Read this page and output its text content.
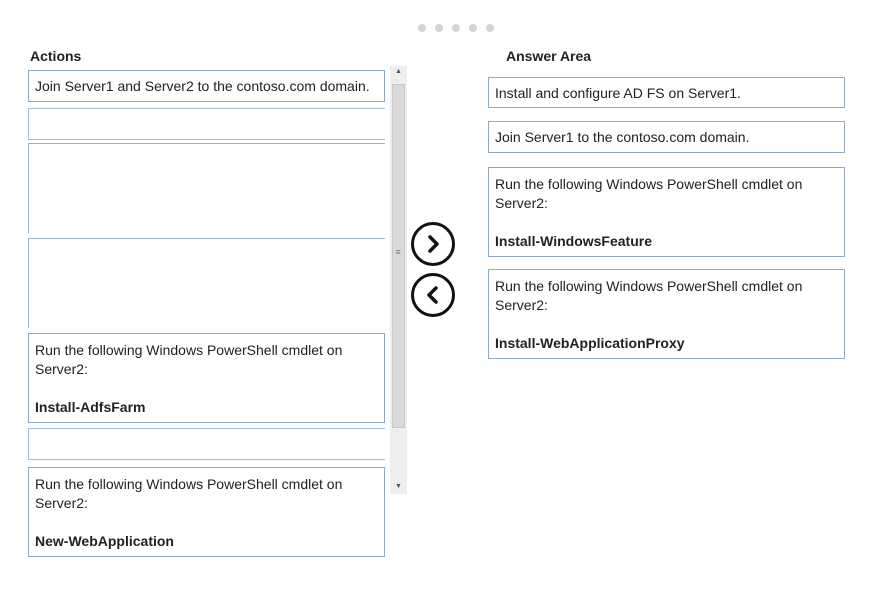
Actions	Answer Area
Join Server1 and Server2 to the contoso.com domain.
Run the following Windows PowerShell cmdlet on Server2:
Install-AdfsFarm
Run the following Windows PowerShell cmdlet on Server2:
New-WebApplication
▲
≡
▼
Install and configure AD FS on Server1.
Join Server1 to the contoso.com domain.
Run the following Windows PowerShell cmdlet on Server2:
Install-WindowsFeature
Run the following Windows PowerShell cmdlet on Server2:
Install-WebApplicationProxy
